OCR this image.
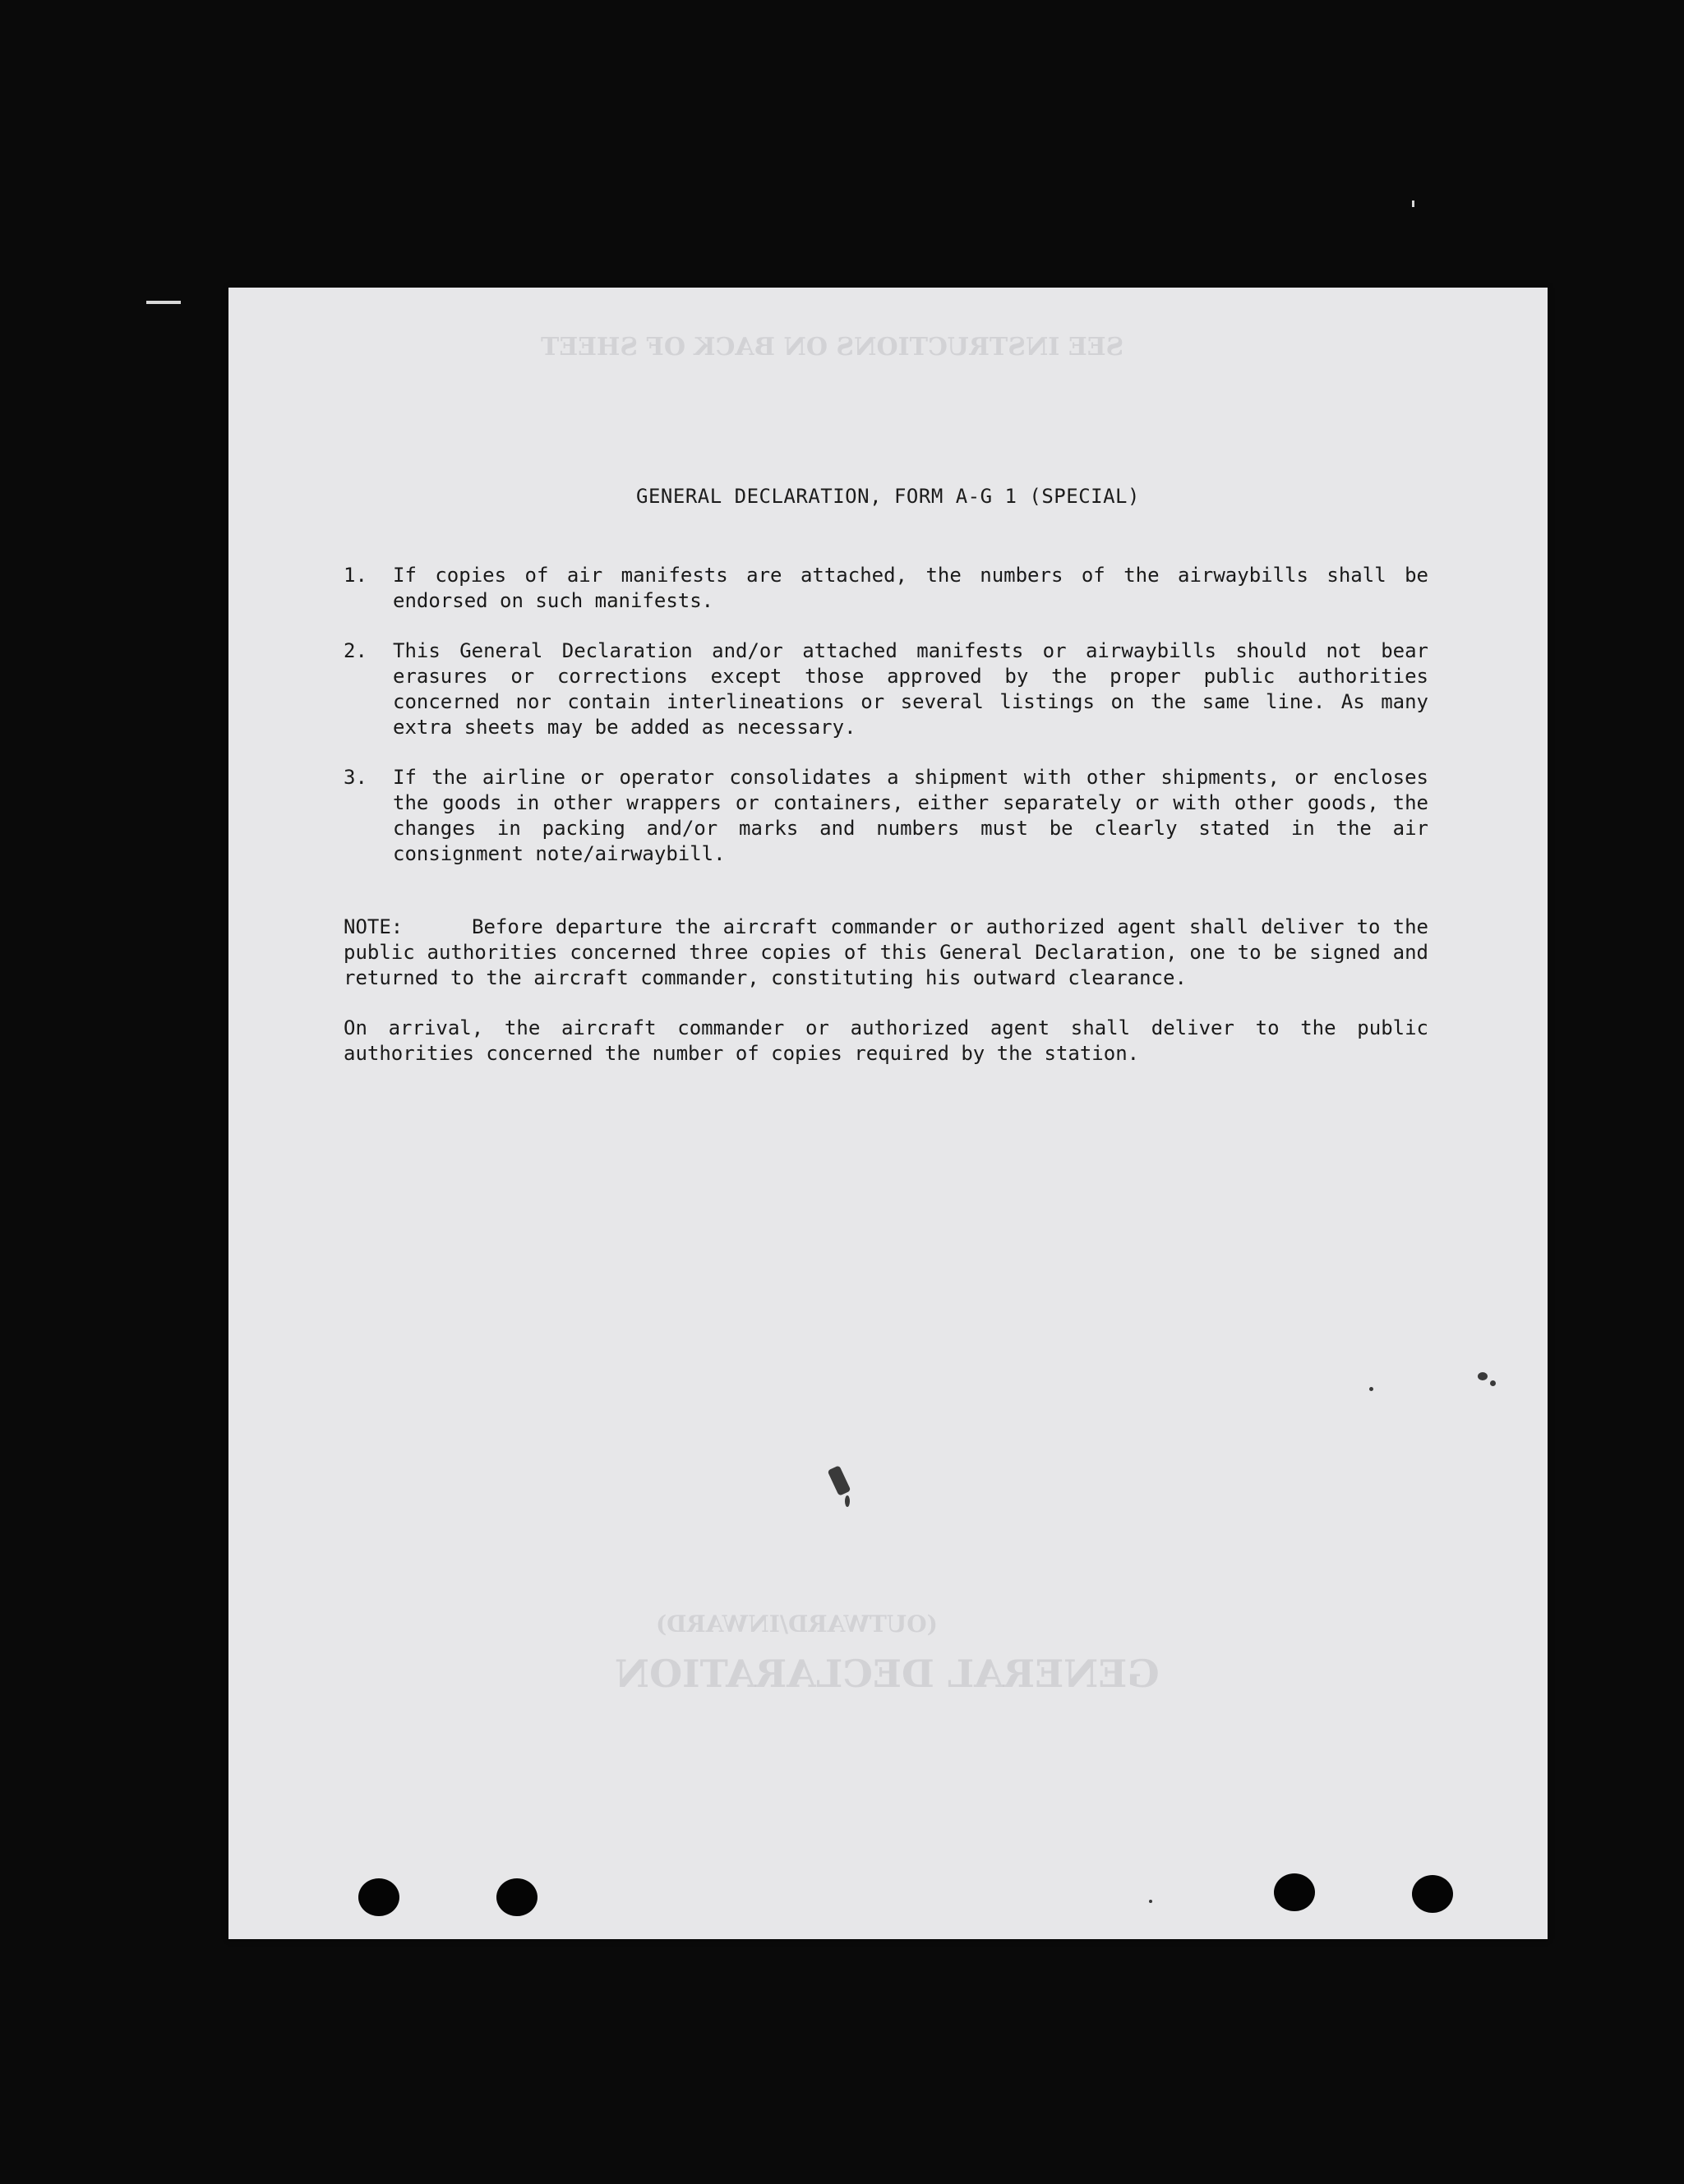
SEE INSTRUCTIONS ON BACK OF SHEET
GENERAL DECLARATION
(OUTWARD/INWARD)
GENERAL DECLARATION, FORM A-G 1 (SPECIAL)
1.	If copies of air manifests are attached, the numbers of the airwaybills shall be endorsed on such manifests.
2.	This General Declaration and/or attached manifests or airwaybills should not bear erasures or corrections except those approved by the proper public authorities concerned nor contain interlineations or several listings on the same line. As many extra sheets may be added as necessary.
3.	If the airline or operator consolidates a shipment with other shipments, or encloses the goods in other wrappers or containers, either separately or with other goods, the changes in packing and/or marks and numbers must be clearly stated in the air consignment note/airwaybill.
NOTE:	Before departure the aircraft commander or authorized agent shall deliver to the public authorities concerned three copies of this General Declaration, one to be signed and returned to the aircraft commander, constituting his outward clearance.
On arrival, the aircraft commander or authorized agent shall deliver to the public authorities concerned the number of copies required by the station.
